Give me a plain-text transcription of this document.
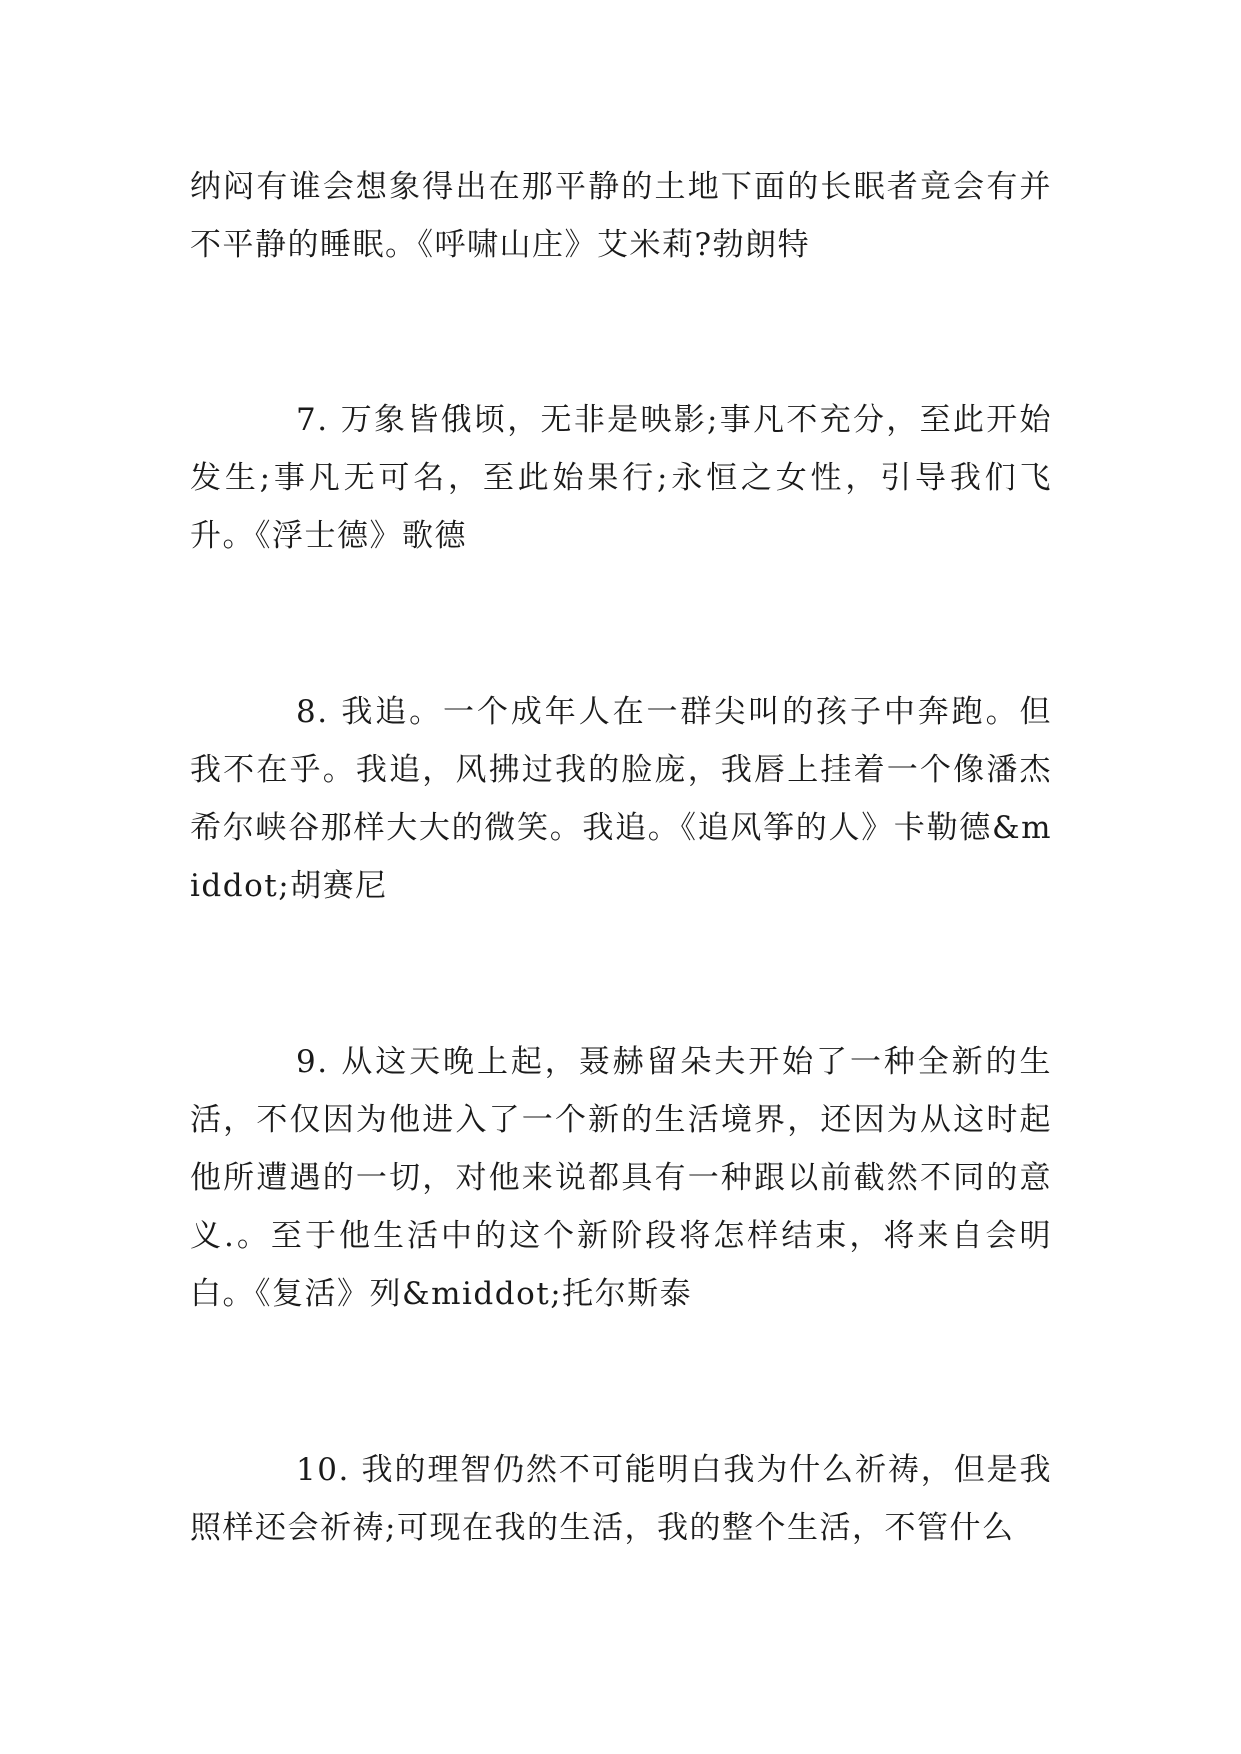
纳闷有谁会想象得出在那平静的土地下面的长眠者竟会有并不平静的睡眠。《呼啸山庄》艾米莉?勃朗特

7. 万象皆俄顷，无非是映影;事凡不充分，至此开始发生;事凡无可名，至此始果行;永恒之女性，引导我们飞升。《浮士德》歌德

8. 我追。一个成年人在一群尖叫的孩子中奔跑。但我不在乎。我追，风拂过我的脸庞，我唇上挂着一个像潘杰希尔峡谷那样大大的微笑。我追。《追风筝的人》卡勒德&middot;胡赛尼

9. 从这天晚上起，聂赫留朵夫开始了一种全新的生活，不仅因为他进入了一个新的生活境界，还因为从这时起他所遭遇的一切，对他来说都具有一种跟以前截然不同的意义.。至于他生活中的这个新阶段将怎样结束，将来自会明白。《复活》列&middot;托尔斯泰

10. 我的理智仍然不可能明白我为什么祈祷，但是我照样还会祈祷;可现在我的生活，我的整个生活，不管什么
